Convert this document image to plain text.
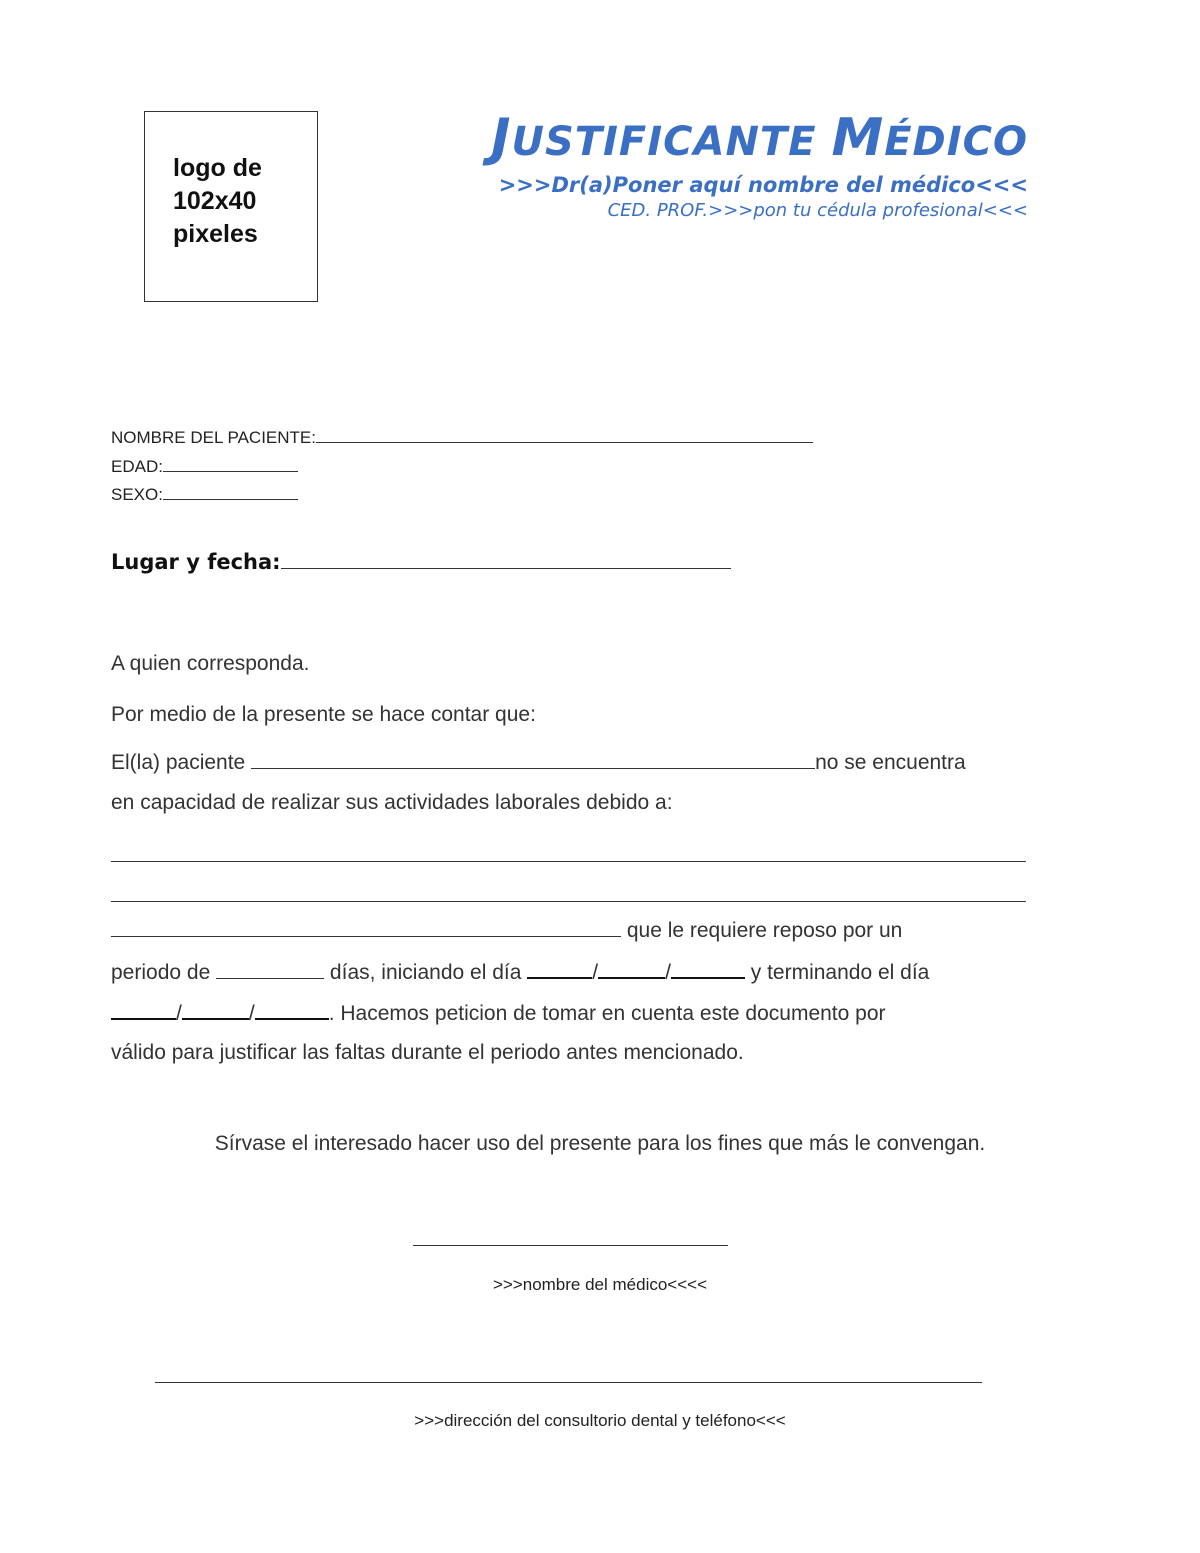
logo de 102x40 pixeles
JUSTIFICANTE MÉDICO
>>>Dr(a)Poner aquí nombre del médico<<<
CED. PROF.>>>pon tu cédula profesional<<<
NOMBRE DEL PACIENTE:
EDAD:
SEXO:
Lugar y fecha:
A quien corresponda.
Por medio de la presente se hace contar que:
El(la) paciente	no se encuentra
en capacidad de realizar sus actividades laborales debido a:
que le requiere reposo por un
periodo de	días, iniciando el día	/	/	y terminando el día
/	/	. Hacemos peticion de tomar en cuenta este documento por
válido para justificar las faltas durante el periodo antes mencionado.
Sírvase el interesado hacer uso del presente para los fines que más le convengan.
>>>nombre del médico<<<<
>>>dirección del consultorio dental y teléfono<<<
